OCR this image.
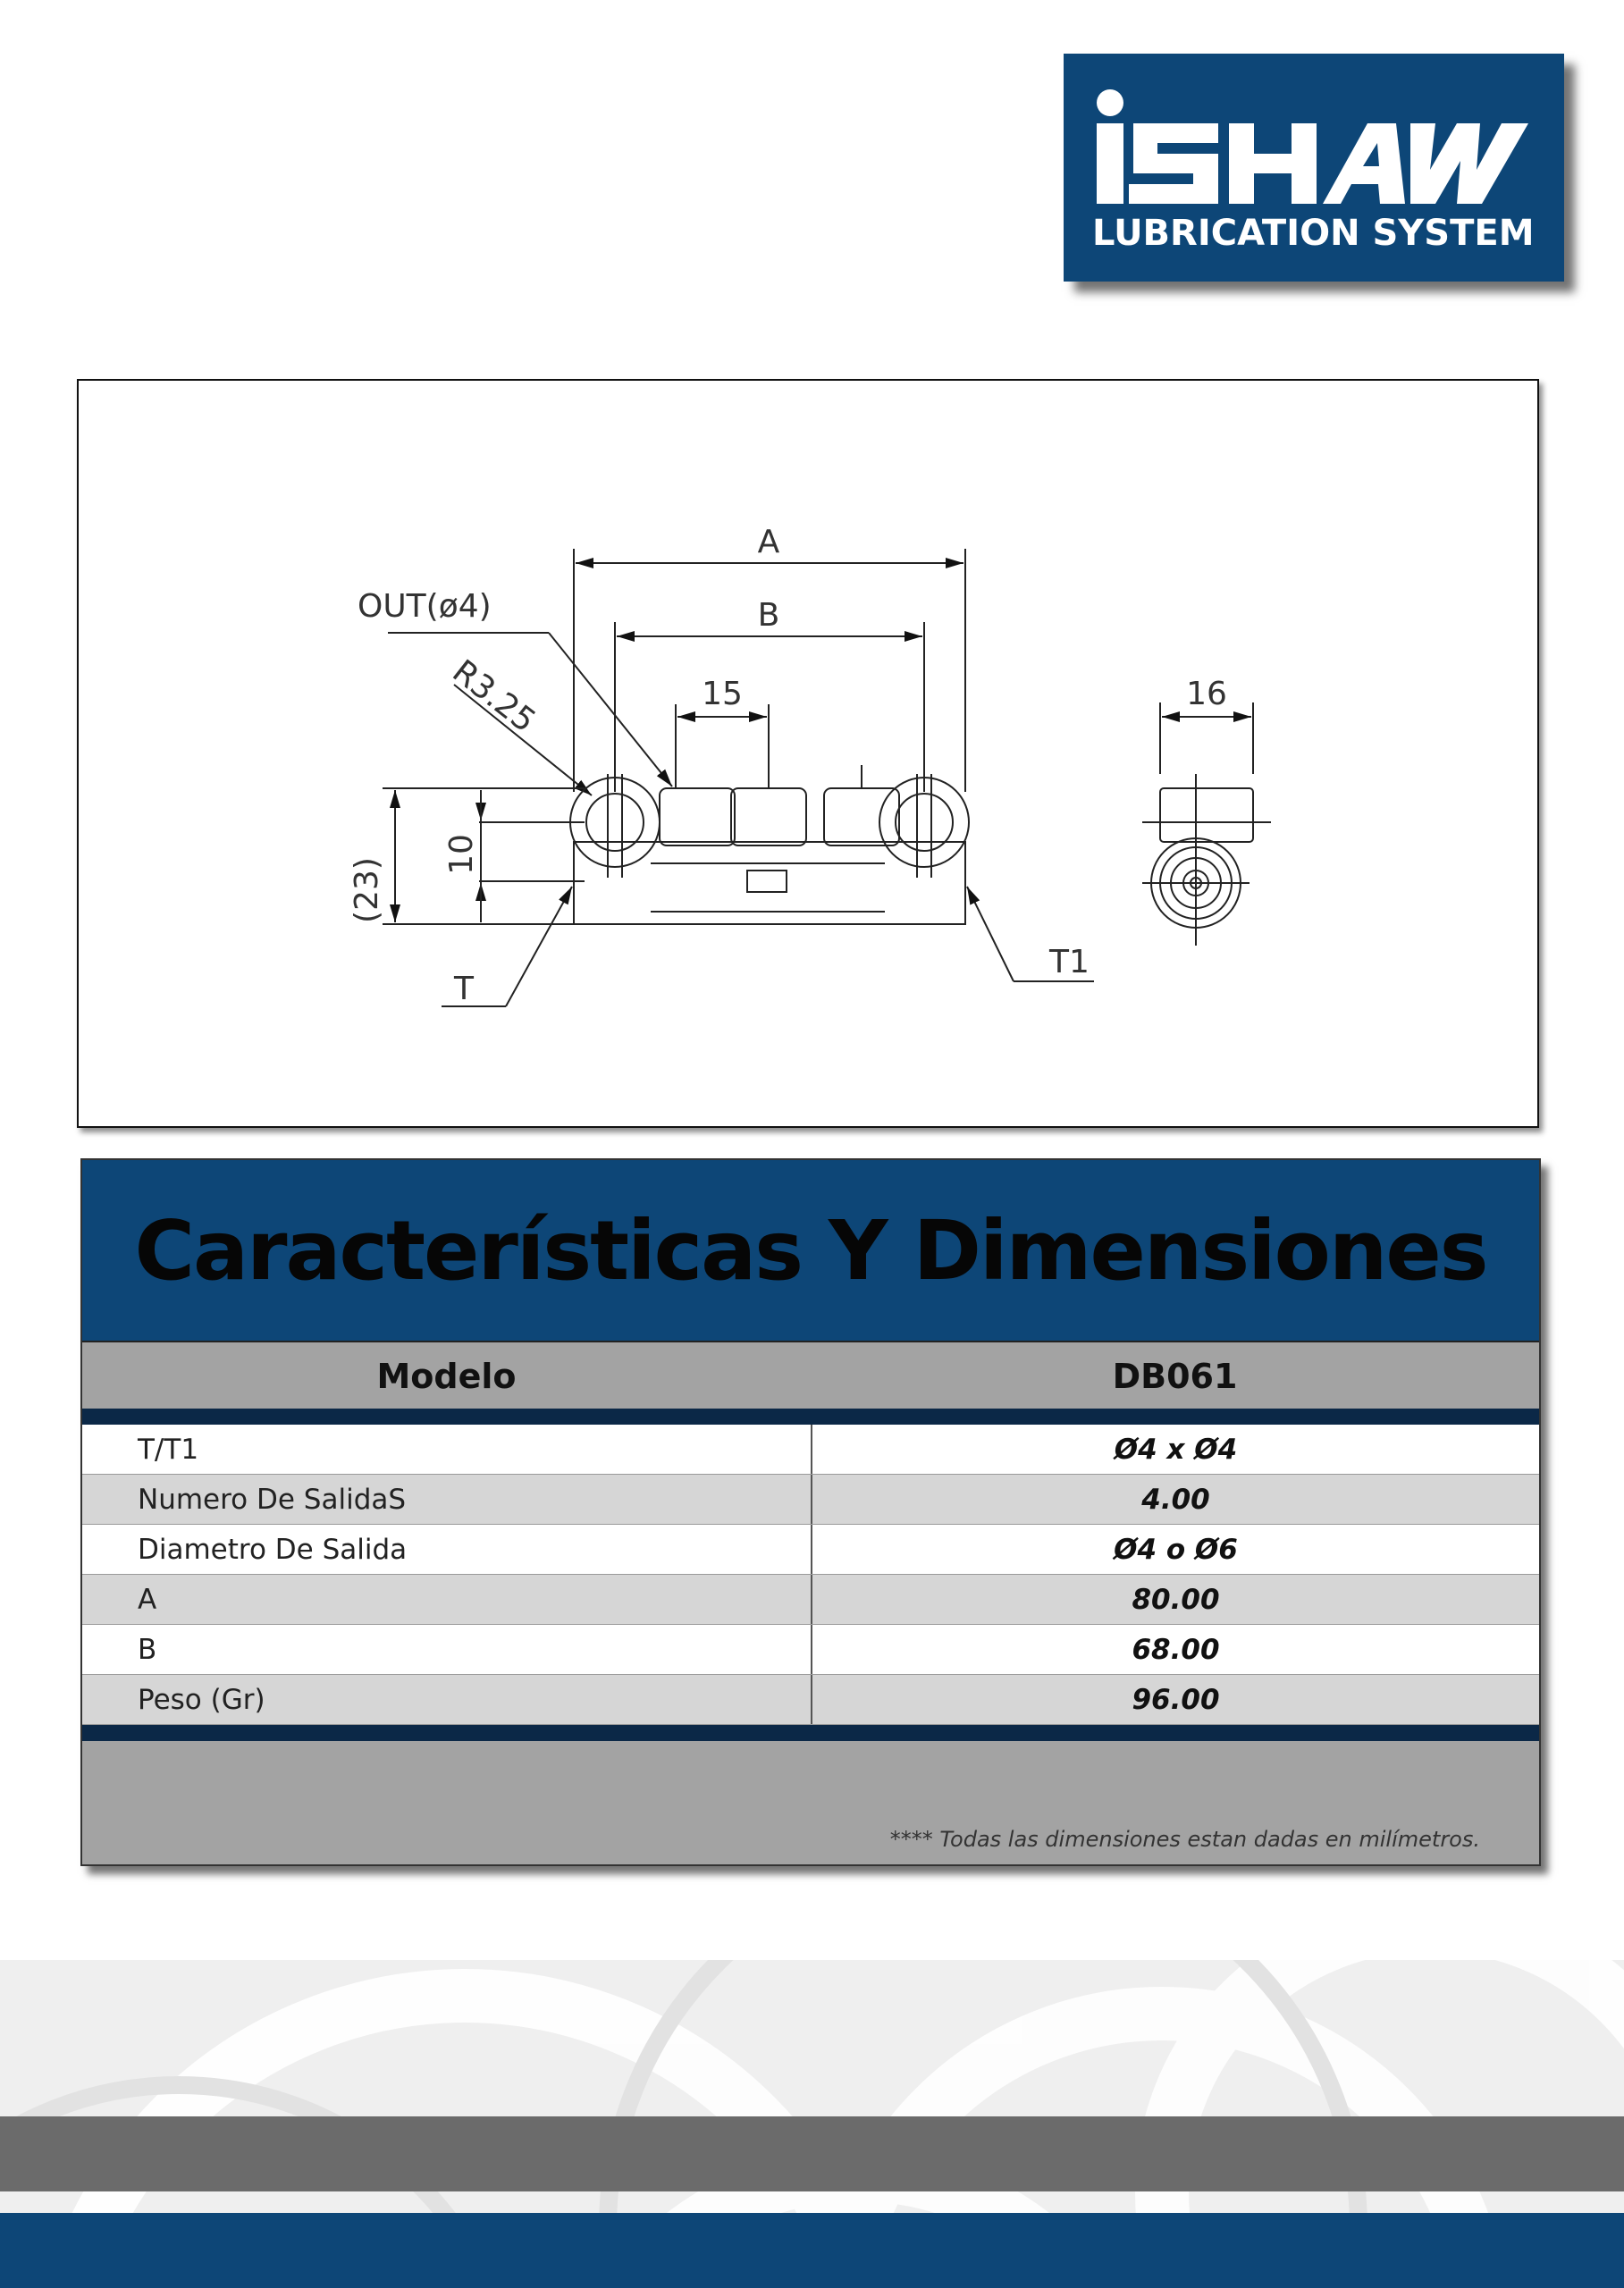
LUBRICATION SYSTEM
A
B
OUT(ø4)
15	16
R3.25
(23)
10
T
T1
Características Y Dimensiones
Modelo	DB061
T/T1	Ø4 x Ø4
Numero De SalidaS	4.00
Diametro De Salida	Ø4 o Ø6
A	80.00
B	68.00
Peso (Gr)	96.00
**** Todas las dimensiones estan dadas en milímetros.
